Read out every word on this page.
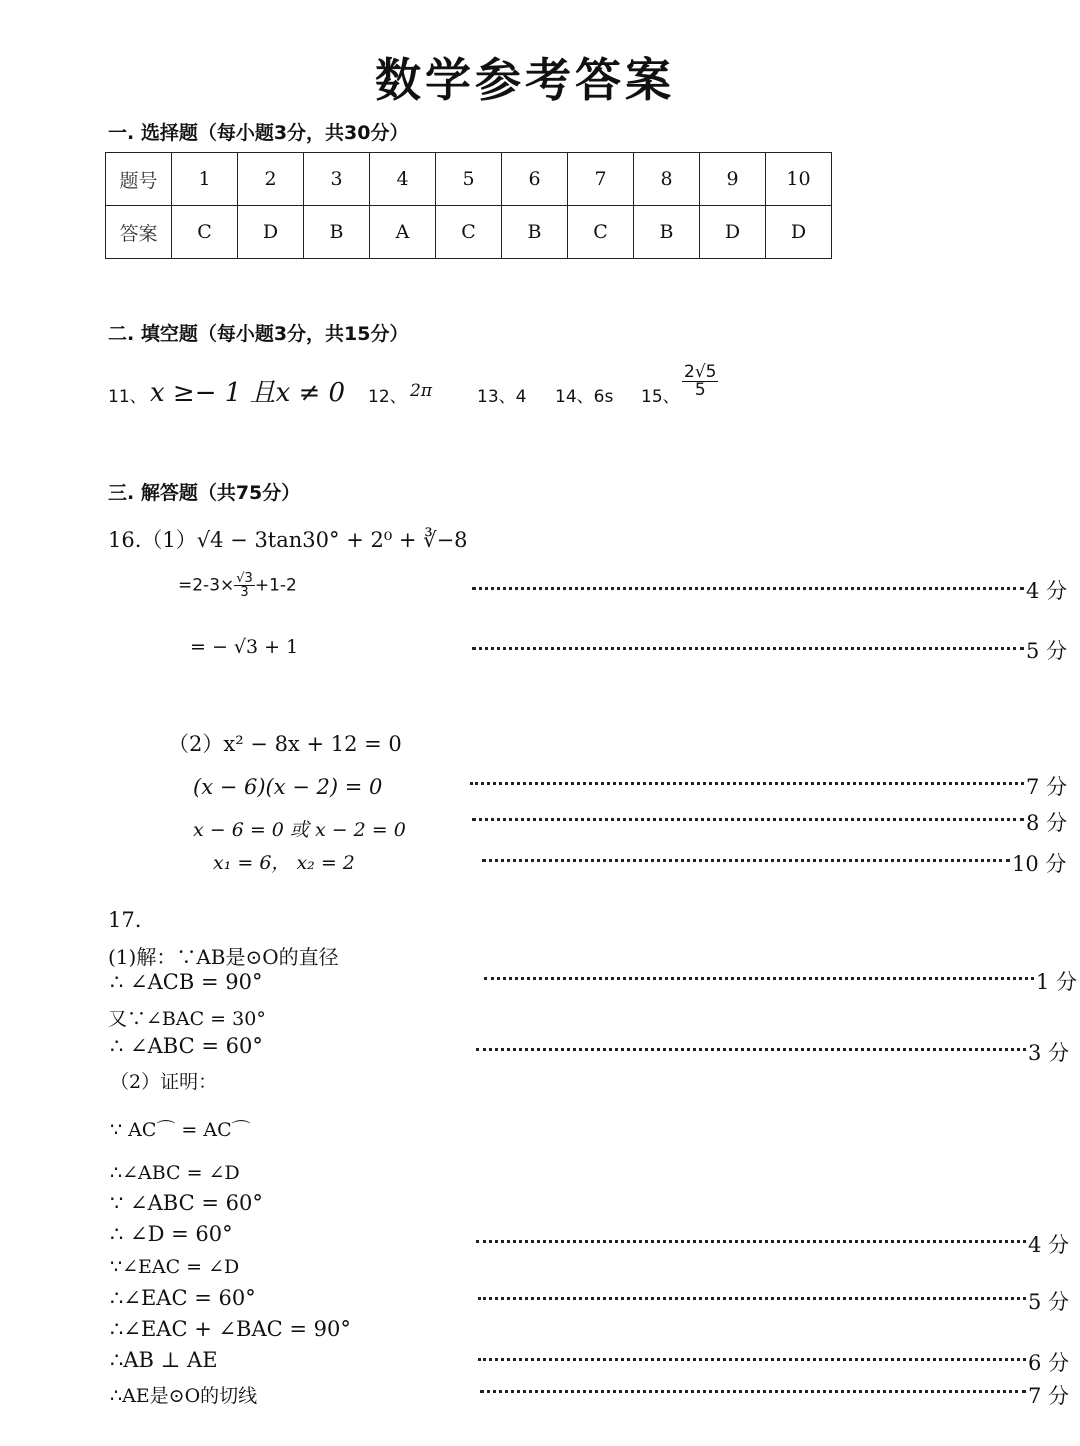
数学参考答案
一. 选择题（每小题3分，共30分）
题号	1	2	3	4	5	6	7	8	9	10
答案	C	D	B	A	C	B	C	B	D	D
二. 填空题（每小题3分，共15分）
11、 x ≥− 1 且x ≠ 0 12、 2π	13、4 14、6s 15、 $\frac{2√5}{5}$
三. 解答题（共75分）
16.（1）√4 − 3tan30° + 2⁰ + ∛−8
$=2-3\times \frac{√3}{3} +1-2$	4 分
= − √3 + 1	5 分
（2）x² − 8x + 12 = 0
(x − 6)(x − 2) = 0	7 分
x − 6 = 0 或 x − 2 = 0	8 分
x₁ = 6， x₂ = 2	10 分
17.
(1)解：∵AB是⊙O的直径
∴ ∠ACB = 90°	1 分
又∵∠BAC = 30°
∴ ∠ABC = 60°	3 分
（2）证明：
∵ AC⌒ = AC⌒
∴∠ABC = ∠D
∵ ∠ABC = 60°
∴ ∠D = 60°	4 分
∵∠EAC = ∠D
∴∠EAC = 60°	5 分
∴∠EAC + ∠BAC = 90°
∴AB ⊥ AE	6 分
∴AE是⊙O的切线	7 分
